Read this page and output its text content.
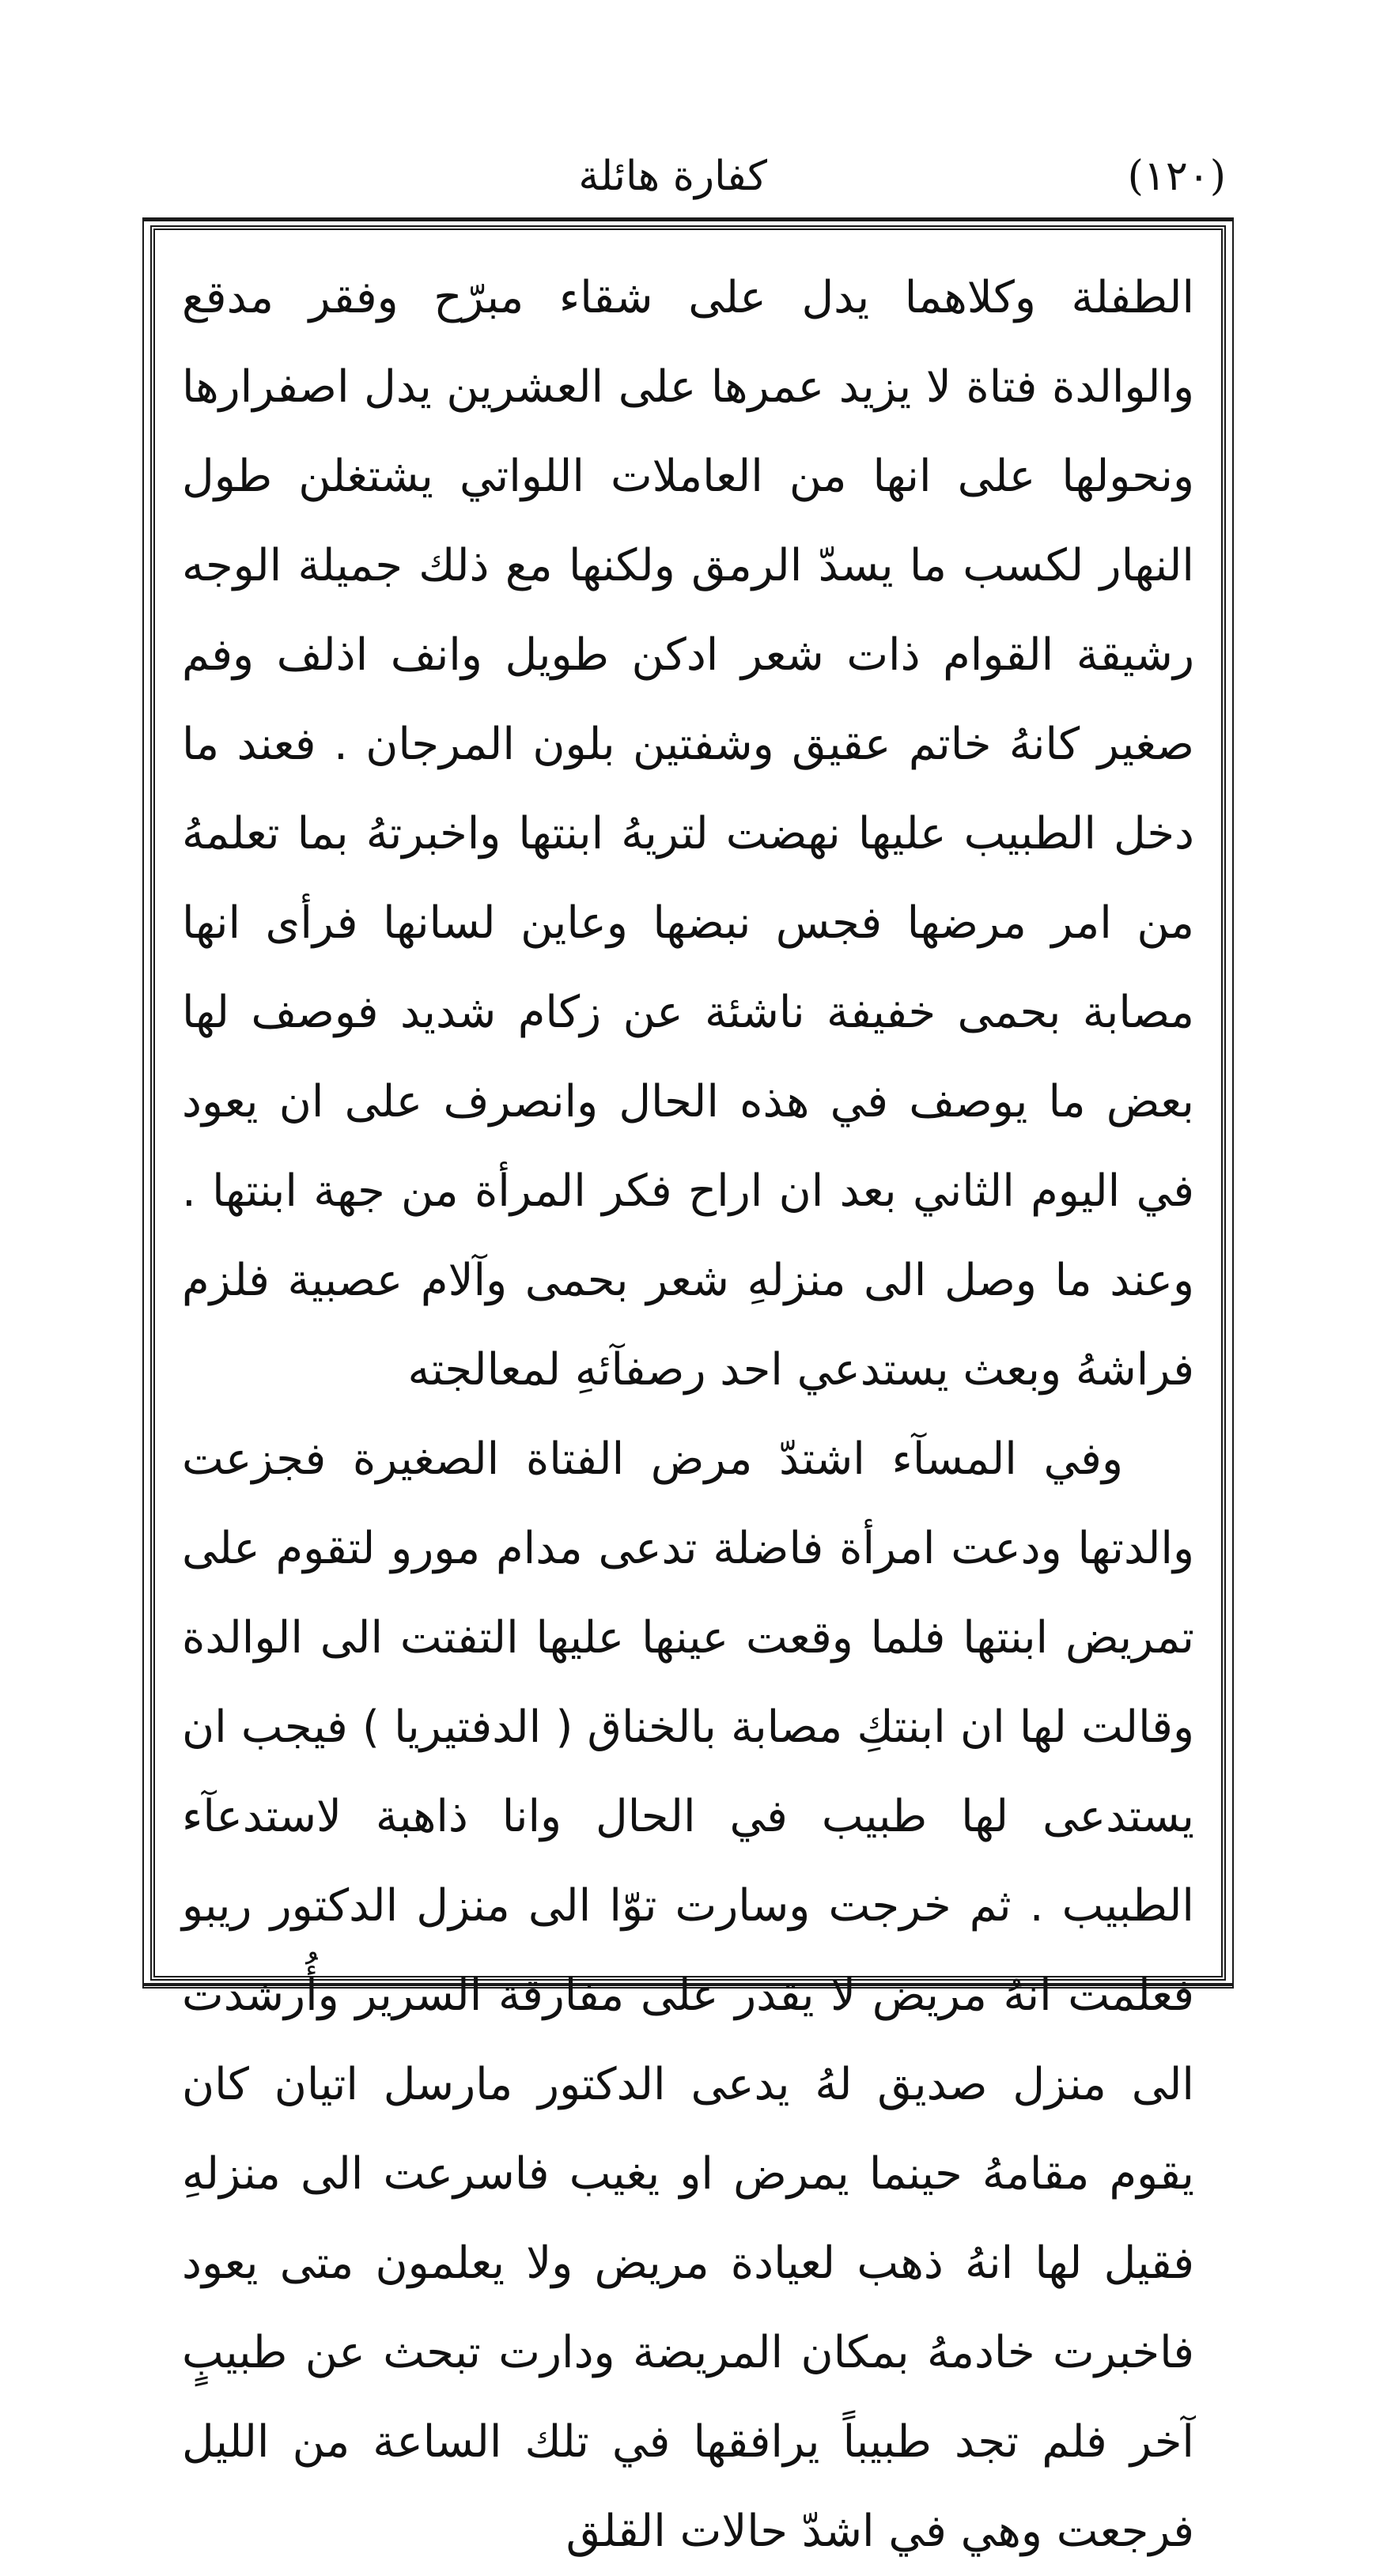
(١٢٠)
كفارة هائلة

الطفلة وكلاهما يدل على شقاء مبرّح وفقر مدقع والوالدة فتاة لا يزيد عمرها على العشرين يدل اصفرارها ونحولها على انها من العاملات اللواتي يشتغلن طول النهار لكسب ما يسدّ الرمق ولكنها مع ذلك جميلة الوجه رشيقة القوام ذات شعر ادكن طويل وانف اذلف وفم صغير كانهُ خاتم عقيق وشفتين بلون المرجان . فعند ما دخل الطبيب عليها نهضت لتريهُ ابنتها واخبرتهُ بما تعلمهُ من امر مرضها فجس نبضها وعاين لسانها فرأى انها مصابة بحمى خفيفة ناشئة عن زكام شديد فوصف لها بعض ما يوصف في هذه الحال وانصرف على ان يعود في اليوم الثاني بعد ان اراح فكر المرأة من جهة ابنتها . وعند ما وصل الى منزلهِ شعر بحمى وآلام عصبية فلزم فراشهُ وبعث يستدعي احد رصفآئهِ لمعالجته

وفي المسآء اشتدّ مرض الفتاة الصغيرة فجزعت والدتها ودعت امرأة فاضلة تدعى مدام مورو لتقوم على تمريض ابنتها فلما وقعت عينها عليها التفتت الى الوالدة وقالت لها ان ابنتكِ مصابة بالخناق ( الدفتيريا ) فيجب ان يستدعى لها طبيب في الحال وانا ذاهبة لاستدعآء الطبيب . ثم خرجت وسارت توّا الى منزل الدكتور ريبو فعلمت انهُ مريض لا يقدر على مفارقة السرير وأُرشدت الى منزل صديق لهُ يدعى الدكتور مارسل اتيان كان يقوم مقامهُ حينما يمرض او يغيب فاسرعت الى منزلهِ فقيل لها انهُ ذهب لعيادة مريض ولا يعلمون متى يعود فاخبرت خادمهُ بمكان المريضة ودارت تبحث عن طبيبٍ آخر فلم تجد طبيباً يرافقها في تلك الساعة من الليل فرجعت وهي في اشدّ حالات القلق
